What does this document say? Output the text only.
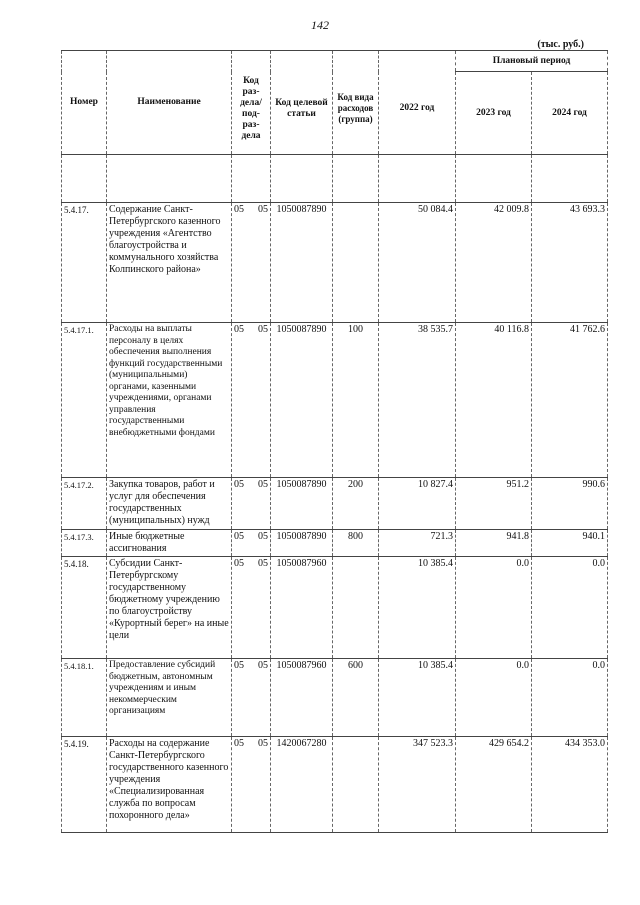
142
(тыс. руб.)
Номер	Наименование	Код раз- дела/ под- раз- дела	Код целевой статьи	Код вида расходов (группа)	2022 год	Плановый период	
						2023 год	2024 год

5.4.17.	Содержание Санкт-Петербургского казенного учреждения «Агентство благоустройства и коммунального хозяйства Колпинского района»	05 05	1050087890		50 084.4	42 009.8	43 693.3
5.4.17.1.	Расходы на выплаты персоналу в целях обеспечения выполнения функций государственными (муниципальными) органами, казенными учреждениями, органами управления государственными внебюджетными фондами	05 05	1050087890	100	38 535.7	40 116.8	41 762.6
5.4.17.2.	Закупка товаров, работ и услуг для обеспечения государственных (муниципальных) нужд	05 05	1050087890	200	10 827.4	951.2	990.6
5.4.17.3.	Иные бюджетные ассигнования	05 05	1050087890	800	721.3	941.8	940.1
5.4.18.	Субсидии Санкт-Петербургскому государственному бюджетному учреждению по благоустройству «Курортный берег» на иные цели	05 05	1050087960		10 385.4	0.0	0.0
5.4.18.1.	Предоставление субсидий бюджетным, автономным учреждениям и иным некоммерческим организациям	05 05	1050087960	600	10 385.4	0.0	0.0
5.4.19.	Расходы на содержание Санкт-Петербургского государственного казенного учреждения «Специализированная служба по вопросам похоронного дела»	05 05	1420067280		347 523.3	429 654.2	434 353.0
